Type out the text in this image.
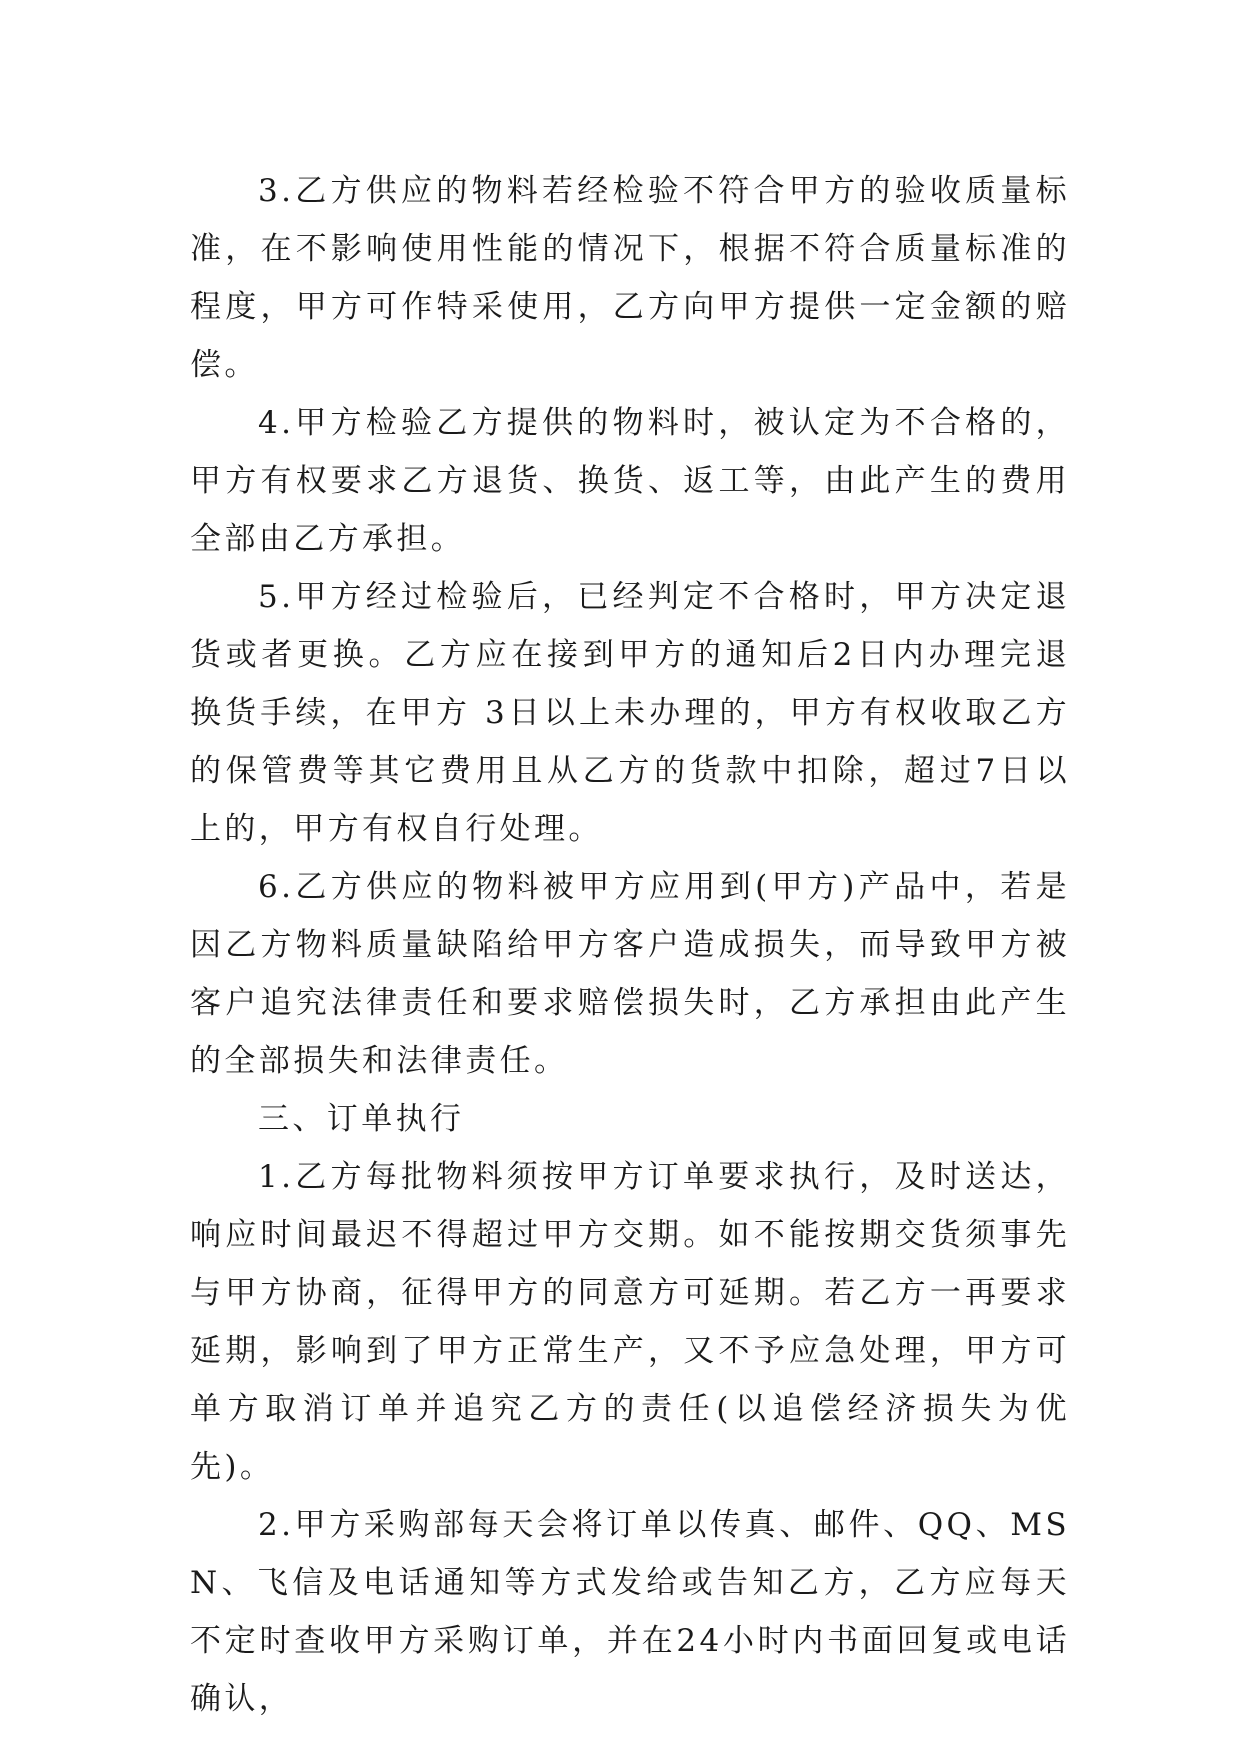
3.乙方供应的物料若经检验不符合甲方的验收质量标准，在不影响使用性能的情况下，根据不符合质量标准的程度，甲方可作特采使用，乙方向甲方提供一定金额的赔偿。

4.甲方检验乙方提供的物料时，被认定为不合格的，甲方有权要求乙方退货、换货、返工等，由此产生的费用全部由乙方承担。

5.甲方经过检验后，已经判定不合格时，甲方决定退货或者更换。乙方应在接到甲方的通知后2日内办理完退换货手续，在甲方 3日以上未办理的，甲方有权收取乙方的保管费等其它费用且从乙方的货款中扣除，超过7日以上的，甲方有权自行处理。

6.乙方供应的物料被甲方应用到(甲方)产品中，若是因乙方物料质量缺陷给甲方客户造成损失，而导致甲方被客户追究法律责任和要求赔偿损失时，乙方承担由此产生的全部损失和法律责任。

三、订单执行

1.乙方每批物料须按甲方订单要求执行，及时送达，响应时间最迟不得超过甲方交期。如不能按期交货须事先与甲方协商，征得甲方的同意方可延期。若乙方一再要求延期，影响到了甲方正常生产，又不予应急处理，甲方可单方取消订单并追究乙方的责任(以追偿经济损失为优先)。

2.甲方采购部每天会将订单以传真、邮件、QQ、MSN、飞信及电话通知等方式发给或告知乙方，乙方应每天不定时查收甲方采购订单，并在24小时内书面回复或电话确认，
